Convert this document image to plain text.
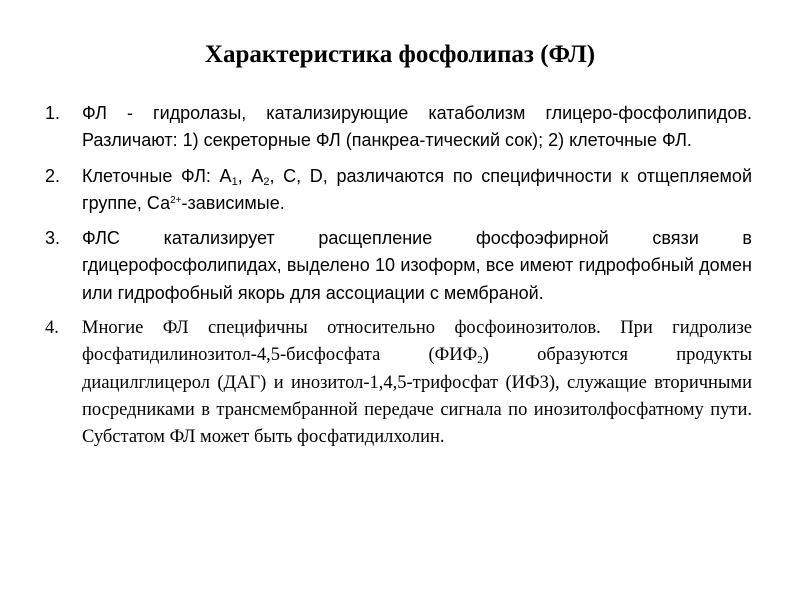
Характеристика фосфолипаз (ФЛ)
1. ФЛ - гидролазы, катализирующие катаболизм глицеро-фосфолипидов. Различают: 1) секреторные ФЛ (панкреа-тический сок); 2) клеточные ФЛ.
2. Клеточные ФЛ: $А_1$, $А_2$, С, D, различаются по специфичности к отщепляемой группе, $Са^{2+}$-зависимые.
3. ФЛС катализирует расщепление фосфоэфирной связи в гдицерофосфолипидах, выделено 10 изоформ, все имеют гидрофобный домен или гидрофобный якорь для ассоциации с мембраной.
4. Многие ФЛ специфичны относительно фосфоинозитолов. При гидролизе фосфатидилинозитол-4,5-бисфосфата $(ФИФ_2)$ образуются продукты диацилглицерол (ДАГ) и инозитол-1,4,5-трифосфат (ИФ3), служащие вторичными посредниками в трансмембранной передаче сигнала по инозитолфосфатному пути. Субстатом ФЛ может быть фосфатидилхолин.
